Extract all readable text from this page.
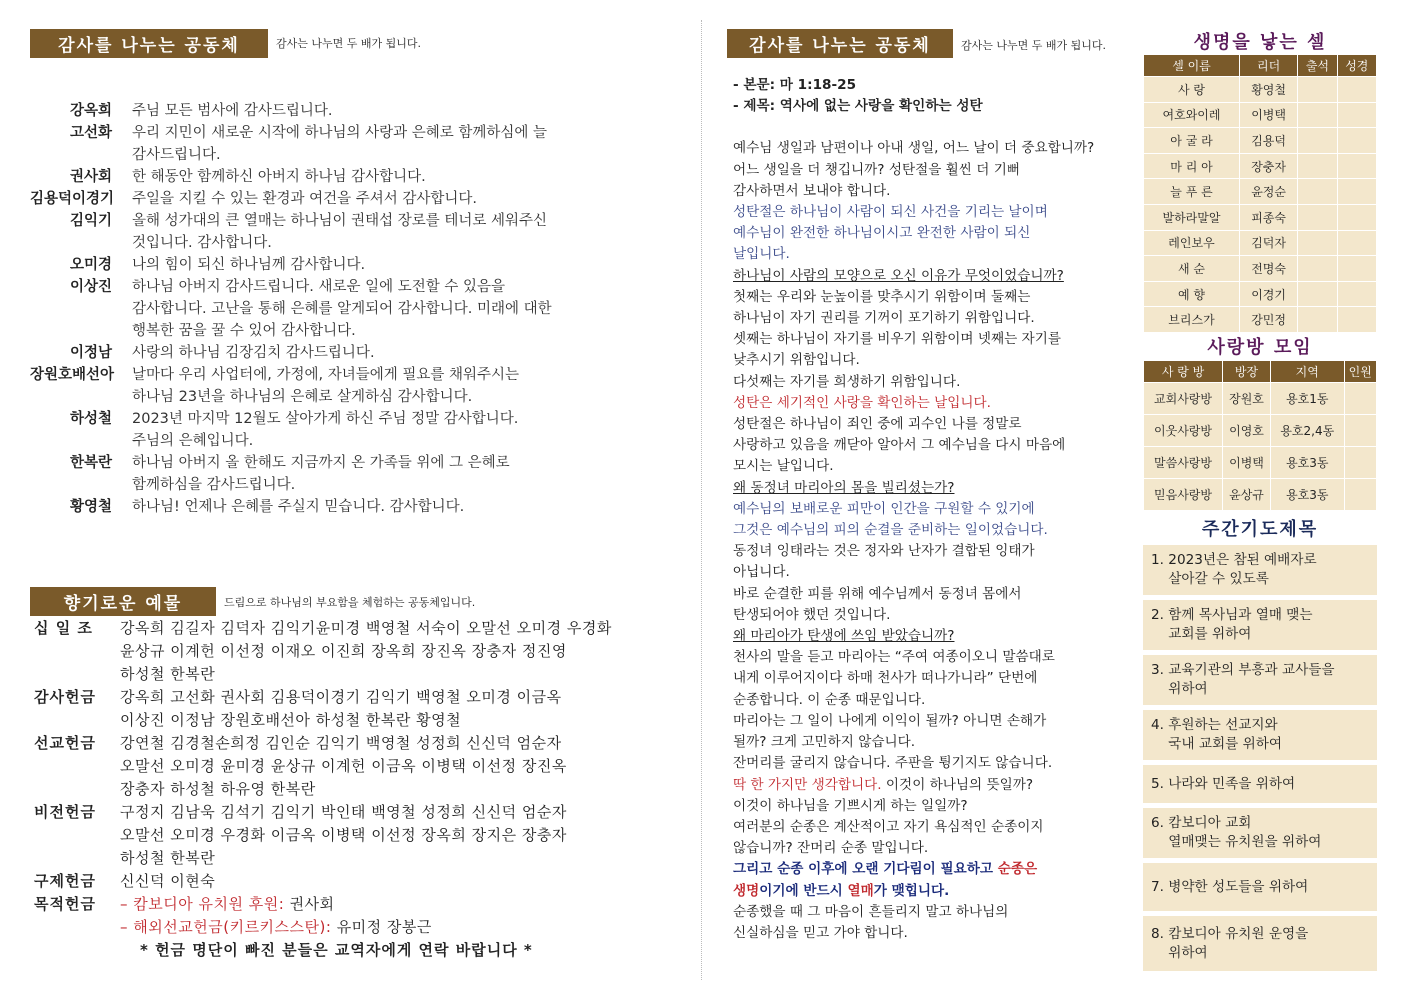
감사를 나누는 공동체	감사는 나누면 두 배가 됩니다.
강옥희	주님 모든 범사에 감사드립니다.
고선화	우리 지민이 새로운 시작에 하나님의 사랑과 은혜로 함께하심에 늘
감사드립니다.
권사회	한 해동안 함께하신 아버지 하나님 감사합니다.
김용덕이경기	주일을 지킬 수 있는 환경과 여건을 주셔서 감사합니다.
김익기	올해 성가대의 큰 열매는 하나님이 권태섭 장로를 테너로 세워주신
것입니다. 감사합니다.
오미경	나의 힘이 되신 하나님께 감사합니다.
이상진	하나님 아버지 감사드립니다. 새로운 일에 도전할 수 있음을
감사합니다. 고난을 통해 은혜를 알게되어 감사합니다. 미래에 대한
행복한 꿈을 꿀 수 있어 감사합니다.
이정남	사랑의 하나님 김장김치 감사드립니다.
장원호배선아	날마다 우리 사업터에, 가정에, 자녀들에게 필요를 채워주시는
하나님 23년을 하나님의 은혜로 살게하심 감사합니다.
하성철	2023년 마지막 12월도 살아가게 하신 주님 정말 감사합니다.
주님의 은혜입니다.
한복란	하나님 아버지 올 한해도 지금까지 온 가족들 위에 그 은혜로
함께하심을 감사드립니다.
황영철	하나님! 언제나 은혜를 주실지 믿습니다. 감사합니다.
향기로운 예물	드림으로 하나님의 부요함을 체험하는 공동체입니다.
십 일 조	강옥희 김길자 김덕자 김익기윤미경 백영철 서숙이 오말선 오미경 우경화
윤상규 이계헌 이선정 이재오 이진희 장옥희 장진옥 장충자 정진영
하성철 한복란
감사헌금	강옥희 고선화 권사회 김용덕이경기 김익기 백영철 오미경 이금옥
이상진 이정남 장원호배선아 하성철 한복란 황영철
선교헌금	강연철 김경철손희정 김인순 김익기 백영철 성정희 신신덕 엄순자
오말선 오미경 윤미경 윤상규 이계헌 이금옥 이병택 이선정 장진옥
장충자 하성철 하유영 한복란
비전헌금	구정지 김남욱 김석기 김익기 박인태 백영철 성정희 신신덕 엄순자
오말선 오미경 우경화 이금옥 이병택 이선정 장옥희 장지은 장충자
하성철 한복란
구제헌금	신신덕 이현숙
목적헌금	– 캄보디아 유치원 후원: 권사회
– 해외선교헌금(키르키스스탄): 유미정 장봉근
* 헌금 명단이 빠진 분들은 교역자에게 연락 바랍니다 *
감사를 나누는 공동체	감사는 나누면 두 배가 됩니다.
- 본문: 마 1:18-25
- 제목: 역사에 없는 사랑을 확인하는 성탄
예수님 생일과 남편이나 아내 생일, 어느 날이 더 중요합니까?
어느 생일을 더 챙깁니까? 성탄절을 훨씬 더 기뻐
감사하면서 보내야 합니다.
성탄절은 하나님이 사람이 되신 사건을 기리는 날이며
예수님이 완전한 하나님이시고 완전한 사람이 되신
날입니다.
하나님이 사람의 모양으로 오신 이유가 무엇이었습니까?
첫째는 우리와 눈높이를 맞추시기 위함이며 둘째는
하나님이 자기 권리를 기꺼이 포기하기 위함입니다.
셋째는 하나님이 자기를 비우기 위함이며 넷째는 자기를
낮추시기 위함입니다.
다섯째는 자기를 희생하기 위함입니다.
성탄은 세기적인 사랑을 확인하는 날입니다.
성탄절은 하나님이 죄인 중에 괴수인 나를 정말로
사랑하고 있음을 깨닫아 알아서 그 예수님을 다시 마음에
모시는 날입니다.
왜 동정녀 마리아의 몸을 빌리셨는가?
예수님의 보배로운 피만이 인간을 구원할 수 있기에
그것은 예수님의 피의 순결을 준비하는 일이었습니다.
동정녀 잉태라는 것은 정자와 난자가 결합된 잉태가
아닙니다.
바로 순결한 피를 위해 예수님께서 동정녀 몸에서
탄생되어야 했던 것입니다.
왜 마리아가 탄생에 쓰임 받았습니까?
천사의 말을 듣고 마리아는 “주여 여종이오니 말씀대로
내게 이루어지이다 하매 천사가 떠나가니라” 단번에
순종합니다. 이 순종 때문입니다.
마리아는 그 일이 나에게 이익이 될까? 아니면 손해가
될까? 크게 고민하지 않습니다.
잔머리를 굴리지 않습니다. 주판을 튕기지도 않습니다.
딱 한 가지만 생각합니다. 이것이 하나님의 뜻일까?
이것이 하나님을 기쁘시게 하는 일일까?
여러분의 순종은 계산적이고 자기 욕심적인 순종이지
않습니까? 잔머리 순종 말입니다.
그리고 순종 이후에 오랜 기다림이 필요하고 순종은
생명이기에 반드시 열매가 맺힙니다.
순종했을 때 그 마음이 흔들리지 말고 하나님의
신실하심을 믿고 가야 합니다.
생명을 낳는 셀
셀 이름	리더	출석	성경
사 랑	황영철		
여호와이레	이병택		
아 굴 라	김용덕		
마 리 아	장충자		
늘 푸 른	윤정순		
발하라말알	피종숙		
레인보우	김덕자		
새 순	전명숙		
예 향	이경기		
브리스가	강민정		
사랑방 모임
사 랑 방	방장	지역	인원
교회사랑방	장원호	용호1동	
이웃사랑방	이영호	용호2,4동	
말씀사랑방	이병택	용호3동	
믿음사랑방	윤상규	용호3동	
주간기도제목
1. 2023년은 참된 예배자로
살아갈 수 있도록
2. 함께 목사님과 열매 맺는
교회를 위하여
3. 교육기관의 부흥과 교사들을
위하여
4. 후원하는 선교지와
국내 교회를 위하여
5. 나라와 민족을 위하여
6. 캄보디아 교회
열매맺는 유치원을 위하여
7. 병약한 성도들을 위하여
8. 캄보디아 유치원 운영을
위하여
